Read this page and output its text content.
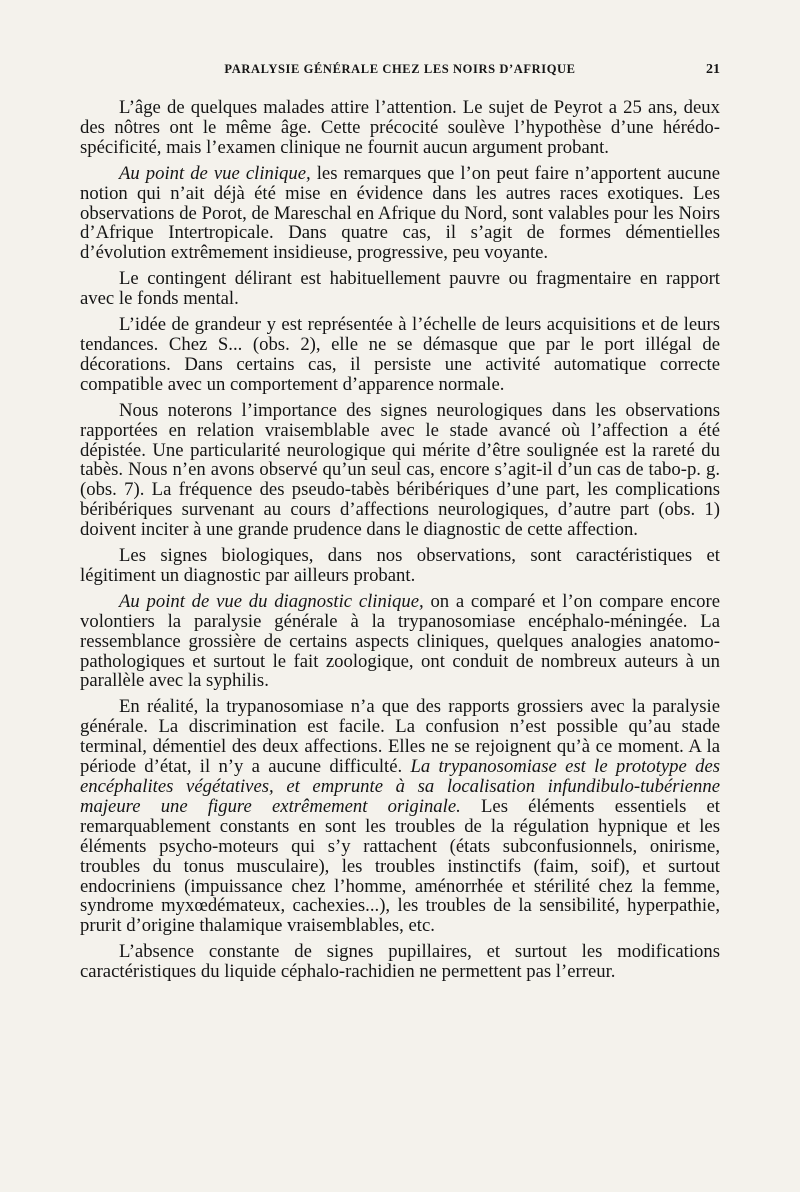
PARALYSIE GÉNÉRALE CHEZ LES NOIRS D’AFRIQUE	21

L’âge de quelques malades attire l’attention. Le sujet de Peyrot a 25 ans, deux des nôtres ont le même âge. Cette précocité soulève l’hypothèse d’une hérédo-spécificité, mais l’examen clinique ne fournit aucun argument probant.

Au point de vue clinique, les remarques que l’on peut faire n’apportent aucune notion qui n’ait déjà été mise en évidence dans les autres races exotiques. Les observations de Porot, de Mareschal en Afrique du Nord, sont valables pour les Noirs d’Afrique Intertropicale. Dans quatre cas, il s’agit de formes démentielles d’évolution extrêmement insidieuse, progressive, peu voyante.

Le contingent délirant est habituellement pauvre ou fragmentaire en rapport avec le fonds mental.

L’idée de grandeur y est représentée à l’échelle de leurs acquisitions et de leurs tendances. Chez S... (obs. 2), elle ne se démasque que par le port illégal de décorations. Dans certains cas, il persiste une activité automatique correcte compatible avec un comportement d’apparence normale.

Nous noterons l’importance des signes neurologiques dans les observations rapportées en relation vraisemblable avec le stade avancé où l’affection a été dépistée. Une particularité neurologique qui mérite d’être soulignée est la rareté du tabès. Nous n’en avons observé qu’un seul cas, encore s’agit-il d’un cas de tabo-p. g. (obs. 7). La fréquence des pseudo-tabès béribériques d’une part, les complications béribériques survenant au cours d’affections neurologiques, d’autre part (obs. 1) doivent inciter à une grande prudence dans le diagnostic de cette affection.

Les signes biologiques, dans nos observations, sont caractéristiques et légitiment un diagnostic par ailleurs probant.

Au point de vue du diagnostic clinique, on a comparé et l’on compare encore volontiers la paralysie générale à la trypanosomiase encéphalo-méningée. La ressemblance grossière de certains aspects cliniques, quelques analogies anatomo-pathologiques et surtout le fait zoologique, ont conduit de nombreux auteurs à un parallèle avec la syphilis.

En réalité, la trypanosomiase n’a que des rapports grossiers avec la paralysie générale. La discrimination est facile. La confusion n’est possible qu’au stade terminal, démentiel des deux affections. Elles ne se rejoignent qu’à ce moment. A la période d’état, il n’y a aucune difficulté. La trypanosomiase est le prototype des encéphalites végétatives, et emprunte à sa localisation infundibulo-tubérienne majeure une figure extrêmement originale. Les éléments essentiels et remarquablement constants en sont les troubles de la régulation hypnique et les éléments psycho-moteurs qui s’y rattachent (états subconfusionnels, onirisme, troubles du tonus musculaire), les troubles instinctifs (faim, soif), et surtout endocriniens (impuissance chez l’homme, aménorrhée et stérilité chez la femme, syndrome myxœdémateux, cachexies...), les troubles de la sensibilité, hyperpathie, prurit d’origine thalamique vraisemblables, etc.

L’absence constante de signes pupillaires, et surtout les modifications caractéristiques du liquide céphalo-rachidien ne permettent pas l’erreur.
